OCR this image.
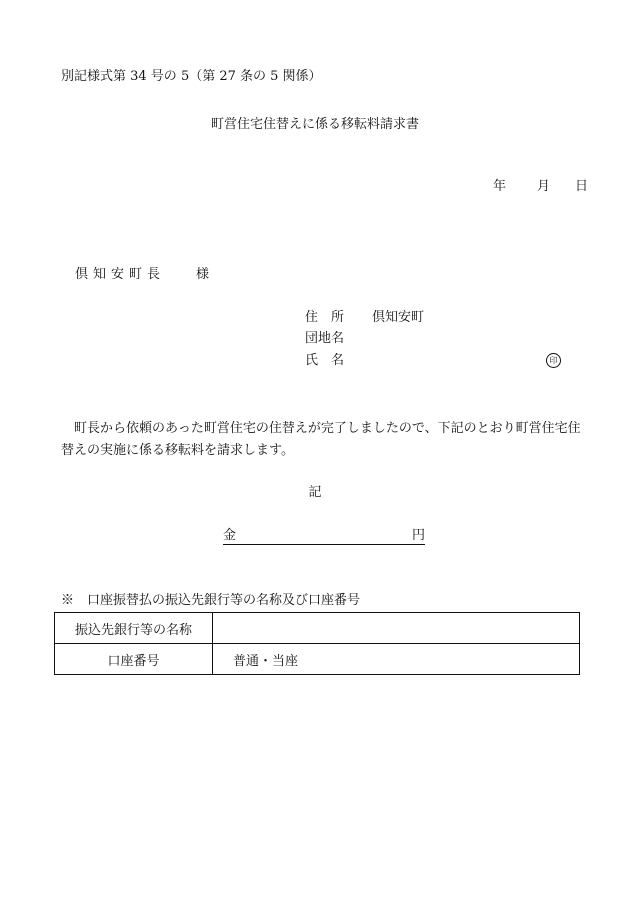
別記様式第 34 号の 5（第 27 条の 5 関係）
町営住宅住替えに係る移転料請求書
年 月 日
倶知安町長 様
住所 倶知安町
団地名
氏名	印
町長から依頼のあった町営住宅の住替えが完了しましたので、下記のとおり町営住宅住替えの実施に係る移転料を請求します。
記
金	円
※　口座振替払の振込先銀行等の名称及び口座番号
振込先銀行等の名称	
口座番号	普通・当座
